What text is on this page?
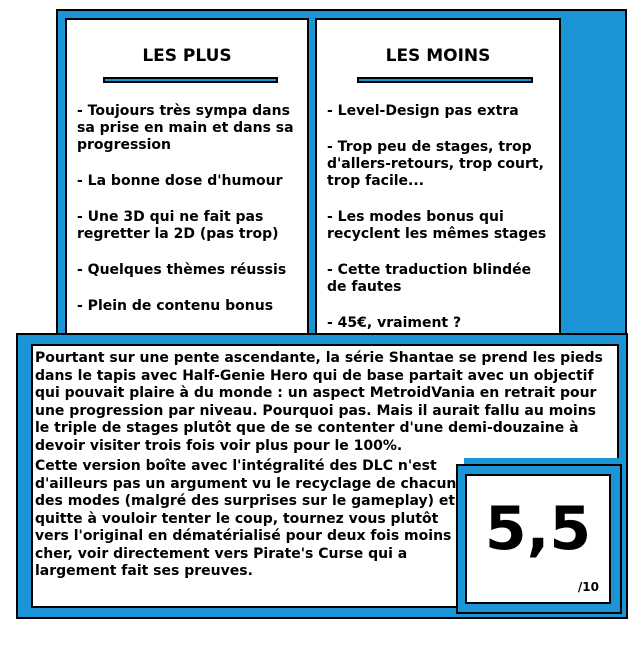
LES PLUS
- Toujours très sympa dans sa prise en main et dans sa progression
- La bonne dose d'humour
- Une 3D qui ne fait pas regretter la 2D (pas trop)
- Quelques thèmes réussis
- Plein de contenu bonus
LES MOINS
- Level-Design pas extra
- Trop peu de stages, trop d'allers-retours, trop court, trop facile...
- Les modes bonus qui recyclent les mêmes stages
- Cette traduction blindée de fautes
- 45€, vraiment ?

Pourtant sur une pente ascendante, la série Shantae se prend les pieds dans le tapis avec Half-Genie Hero qui de base partait avec un objectif qui pouvait plaire à du monde : un aspect MetroidVania en retrait pour une progression par niveau. Pourquoi pas. Mais il aurait fallu au moins le triple de stages plutôt que de se contenter d'une demi-douzaine à devoir visiter trois fois voir plus pour le 100%.

Cette version boîte avec l'intégralité des DLC n'est d'ailleurs pas un argument vu le recyclage de chacun des modes (malgré des surprises sur le gameplay) et quitte à vouloir tenter le coup, tournez vous plutôt vers l'original en dématérialisé pour deux fois moins cher, voir directement vers Pirate's Curse qui a largement fait ses preuves.

5,5
/10
